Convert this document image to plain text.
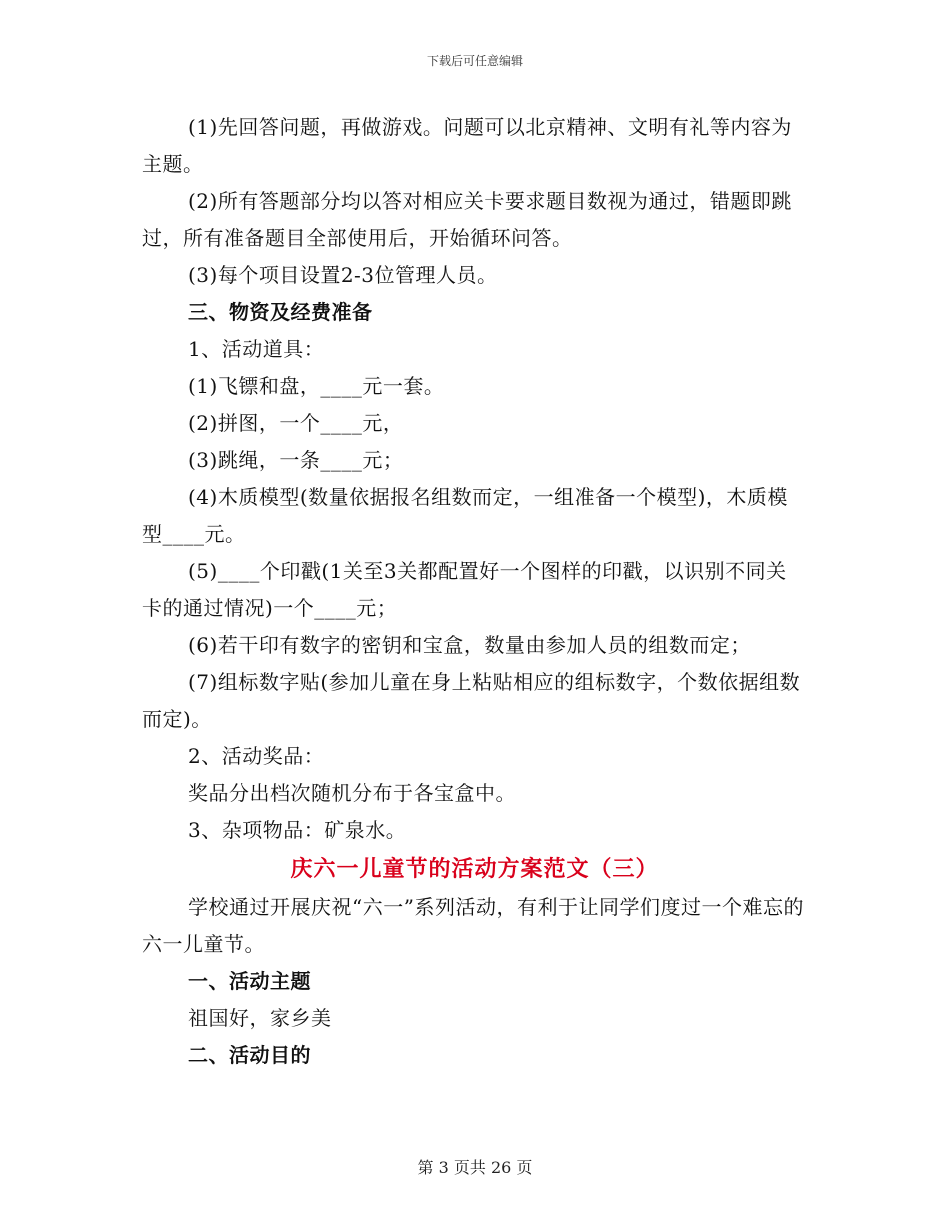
下载后可任意编辑

(1)先回答问题，再做游戏。问题可以北京精神、文明有礼等内容为主题。

(2)所有答题部分均以答对相应关卡要求题目数视为通过，错题即跳过，所有准备题目全部使用后，开始循环问答。

(3)每个项目设置2-3位管理人员。

三、物资及经费准备

1、活动道具：

(1)飞镖和盘，____元一套。

(2)拼图，一个____元，

(3)跳绳，一条____元；

(4)木质模型(数量依据报名组数而定，一组准备一个模型)，木质模型____元。

(5)____个印戳(1关至3关都配置好一个图样的印戳，以识别不同关卡的通过情况)一个____元；

(6)若干印有数字的密钥和宝盒，数量由参加人员的组数而定；

(7)组标数字贴(参加儿童在身上粘贴相应的组标数字，个数依据组数而定)。

2、活动奖品：

奖品分出档次随机分布于各宝盒中。

3、杂项物品：矿泉水。

庆六一儿童节的活动方案范文（三）

学校通过开展庆祝“六一”系列活动，有利于让同学们度过一个难忘的六一儿童节。

一、活动主题

祖国好，家乡美

二、活动目的

第 3 页共 26 页
